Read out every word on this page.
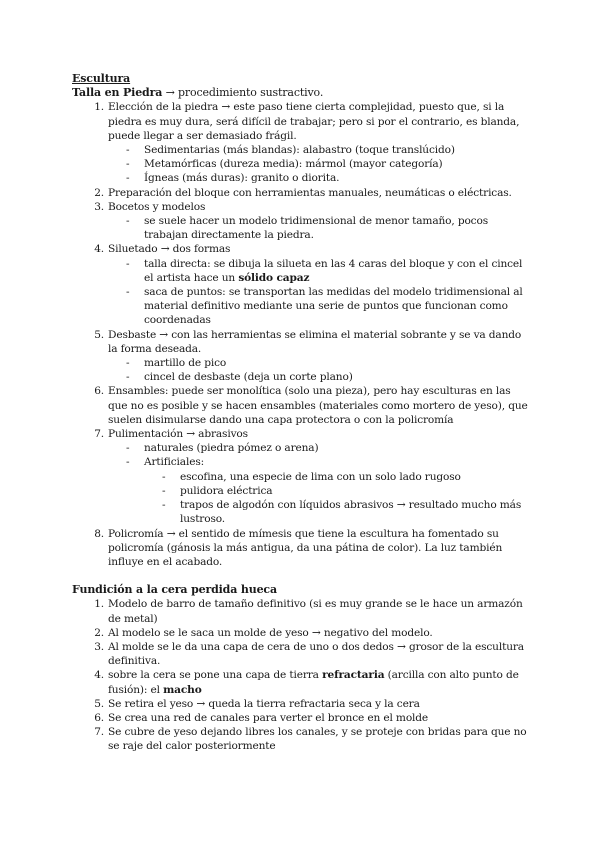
Escultura
Talla en Piedra → procedimiento sustractivo.
1. Elección de la piedra → este paso tiene cierta complejidad, puesto que, si la piedra es muy dura, será difícil de trabajar; pero si por el contrario, es blanda, puede llegar a ser demasiado frágil.
- Sedimentarias (más blandas): alabastro (toque translúcido)
- Metamórficas (dureza media): mármol (mayor categoría)
- Ígneas (más duras): granito o diorita.
2. Preparación del bloque con herramientas manuales, neumáticas o eléctricas.
3. Bocetos y modelos
- se suele hacer un modelo tridimensional de menor tamaño, pocos trabajan directamente la piedra.
4. Siluetado → dos formas
- talla directa: se dibuja la silueta en las 4 caras del bloque y con el cincel el artista hace un sólido capaz
- saca de puntos: se transportan las medidas del modelo tridimensional al material definitivo mediante una serie de puntos que funcionan como coordenadas
5. Desbaste → con las herramientas se elimina el material sobrante y se va dando la forma deseada.
- martillo de pico
- cincel de desbaste (deja un corte plano)
6. Ensambles: puede ser monolítica (solo una pieza), pero hay esculturas en las que no es posible y se hacen ensambles (materiales como mortero de yeso), que suelen disimularse dando una capa protectora o con la policromía
7. Pulimentación → abrasivos
- naturales (piedra pómez o arena)
- Artificiales:
- escofina, una especie de lima con un solo lado rugoso
- pulidora eléctrica
- trapos de algodón con líquidos abrasivos → resultado mucho más lustroso.
8. Policromía → el sentido de mímesis que tiene la escultura ha fomentado su policromía (gánosis la más antigua, da una pátina de color). La luz también influye en el acabado.
Fundición a la cera perdida hueca
1. Modelo de barro de tamaño definitivo (si es muy grande se le hace un armazón de metal)
2. Al modelo se le saca un molde de yeso → negativo del modelo.
3. Al molde se le da una capa de cera de uno o dos dedos → grosor de la escultura definitiva.
4. sobre la cera se pone una capa de tierra refractaria (arcilla con alto punto de fusión): el macho
5. Se retira el yeso → queda la tierra refractaria seca y la cera
6. Se crea una red de canales para verter el bronce en el molde
7. Se cubre de yeso dejando libres los canales, y se proteje con bridas para que no se raje del calor posteriormente
